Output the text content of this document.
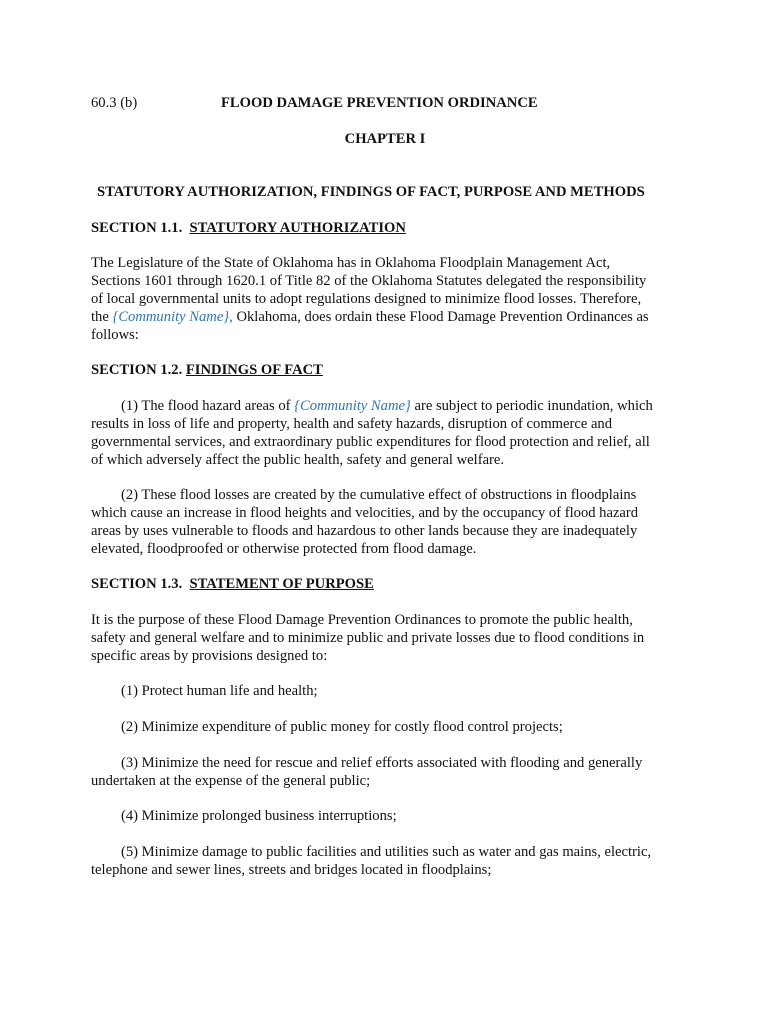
60.3 (b)	FLOOD DAMAGE PREVENTION ORDINANCE
CHAPTER I
STATUTORY AUTHORIZATION, FINDINGS OF FACT, PURPOSE AND METHODS
SECTION 1.1. STATUTORY AUTHORIZATION
The Legislature of the State of Oklahoma has in Oklahoma Floodplain Management Act,
Sections 1601 through 1620.1 of Title 82 of the Oklahoma Statutes delegated the responsibility
of local governmental units to adopt regulations designed to minimize flood losses. Therefore,
the {Community Name}, Oklahoma, does ordain these Flood Damage Prevention Ordinances as
follows:
SECTION 1.2. FINDINGS OF FACT
(1) The flood hazard areas of {Community Name} are subject to periodic inundation, which
results in loss of life and property, health and safety hazards, disruption of commerce and
governmental services, and extraordinary public expenditures for flood protection and relief, all
of which adversely affect the public health, safety and general welfare.
(2) These flood losses are created by the cumulative effect of obstructions in floodplains
which cause an increase in flood heights and velocities, and by the occupancy of flood hazard
areas by uses vulnerable to floods and hazardous to other lands because they are inadequately
elevated, floodproofed or otherwise protected from flood damage.
SECTION 1.3. STATEMENT OF PURPOSE
It is the purpose of these Flood Damage Prevention Ordinances to promote the public health,
safety and general welfare and to minimize public and private losses due to flood conditions in
specific areas by provisions designed to:
(1) Protect human life and health;
(2) Minimize expenditure of public money for costly flood control projects;
(3) Minimize the need for rescue and relief efforts associated with flooding and generally
undertaken at the expense of the general public;
(4) Minimize prolonged business interruptions;
(5) Minimize damage to public facilities and utilities such as water and gas mains, electric,
telephone and sewer lines, streets and bridges located in floodplains;
